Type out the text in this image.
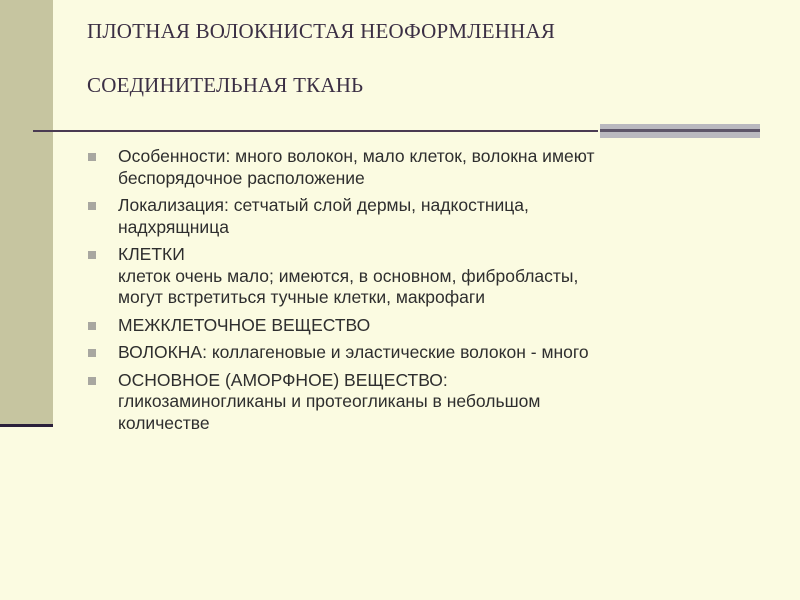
ПЛОТНАЯ ВОЛОКНИСТАЯ НЕОФОРМЛЕННАЯ
СОЕДИНИТЕЛЬНАЯ ТКАНЬ
Особенности: много волокон, мало клеток, волокна имеют
беспорядочное расположение
Локализация: сетчатый слой дермы, надкостница,
надхрящница
КЛЕТКИ
клеток очень мало; имеются, в основном, фибробласты,
могут встретиться тучные клетки, макрофаги
МЕЖКЛЕТОЧНОЕ ВЕЩЕСТВО
ВОЛОКНА: коллагеновые и эластические волокон - много
ОСНОВНОЕ (АМОРФНОЕ) ВЕЩЕСТВО:
гликозаминогликаны и протеогликаны в небольшом
количестве
